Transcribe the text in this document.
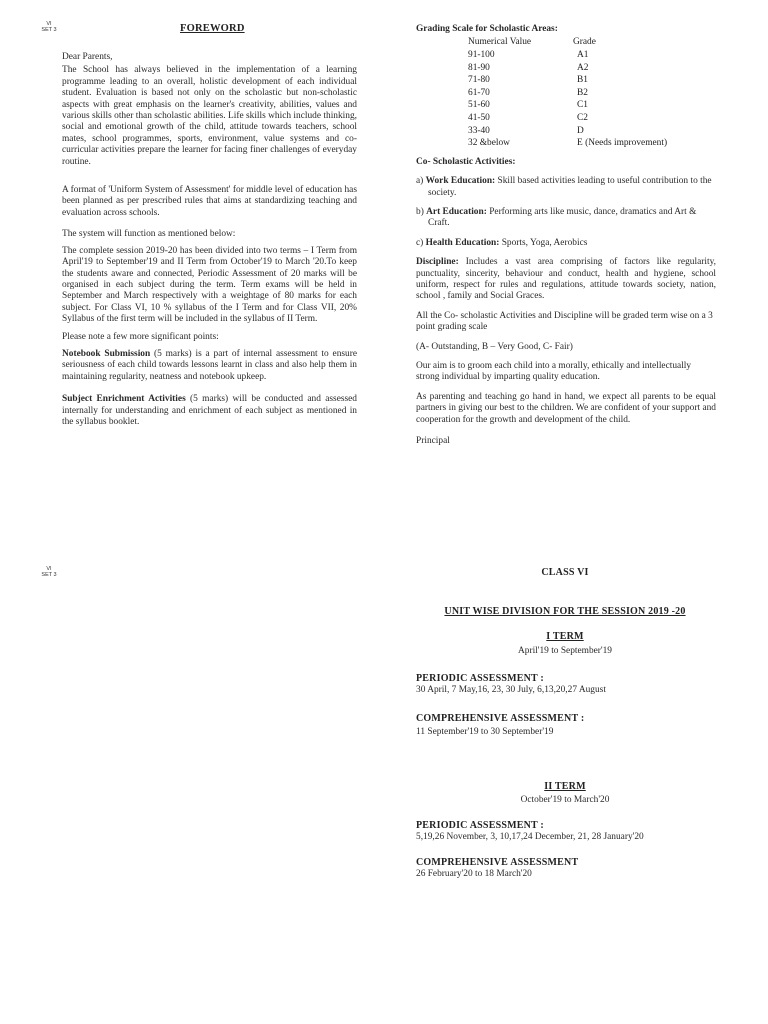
VI
SET 3	FOREWORD

Dear Parents,

The School has always believed in the implementation of a learning programme leading to an overall, holistic development of each individual student. Evaluation is based not only on the scholastic but non-scholastic aspects with great emphasis on the learner's creativity, abilities, values and various skills other than scholastic abilities. Life skills which include thinking, social and emotional growth of the child, attitude towards teachers, school mates, school programmes, sports, environment, value systems and co-curricular activities prepare the learner for facing finer challenges of everyday routine.

A format of 'Uniform System of Assessment' for middle level of education has been planned as per prescribed rules that aims at standardizing teaching and evaluation across schools.

The system will function as mentioned below:

The complete session 2019-20 has been divided into two terms – I Term from April'19 to September'19 and II Term from October'19 to March '20.To keep the students aware and connected, Periodic Assessment of 20 marks will be organised in each subject during the term. Term exams will be held in September and March respectively with a weightage of 80 marks for each subject. For Class VI, 10 % syllabus of the I Term and for Class VII, 20% Syllabus of the first term will be included in the syllabus of II Term.

Please note a few more significant points:

Notebook Submission (5 marks) is a part of internal assessment to ensure seriousness of each child towards lessons learnt in class and also help them in maintaining regularity, neatness and notebook upkeep.

Subject Enrichment Activities (5 marks) will be conducted and assessed internally for understanding and enrichment of each subject as mentioned in the syllabus booklet.

Grading Scale for Scholastic Areas:
Numerical Value	Grade
91-100	A1
81-90	A2
71-80	B1
61-70	B2
51-60	C1
41-50	C2
33-40	D
32 &below	E (Needs improvement)
Co- Scholastic Activities:

a) Work Education: Skill based activities leading to useful contribution to the society.

b) Art Education: Performing arts like music, dance, dramatics and Art & Craft.

c) Health Education: Sports, Yoga, Aerobics

Discipline: Includes a vast area comprising of factors like regularity, punctuality, sincerity, behaviour and conduct, health and hygiene, school uniform, respect for rules and regulations, attitude towards society, nation, school , family and Social Graces.

All the Co- scholastic Activities and Discipline will be graded term wise on a 3 point grading scale

(A- Outstanding, B – Very Good, C- Fair)

Our aim is to groom each child into a morally, ethically and intellectually strong individual by imparting quality education.

As parenting and teaching go hand in hand, we expect all parents to be equal partners in giving our best to the children. We are confident of your support and cooperation for the growth and development of the child.

Principal

VI
SET 3	CLASS VI
UNIT WISE DIVISION FOR THE SESSION 2019 -20
I TERM
April'19 to September'19
PERIODIC ASSESSMENT :
30 April, 7 May,16, 23, 30 July, 6,13,20,27 August
COMPREHENSIVE ASSESSMENT :
11 September'19 to 30 September'19
II TERM
October'19 to March'20
PERIODIC ASSESSMENT :
5,19,26 November, 3, 10,17,24 December, 21, 28 January'20
COMPREHENSIVE ASSESSMENT
26 February'20 to 18 March'20
